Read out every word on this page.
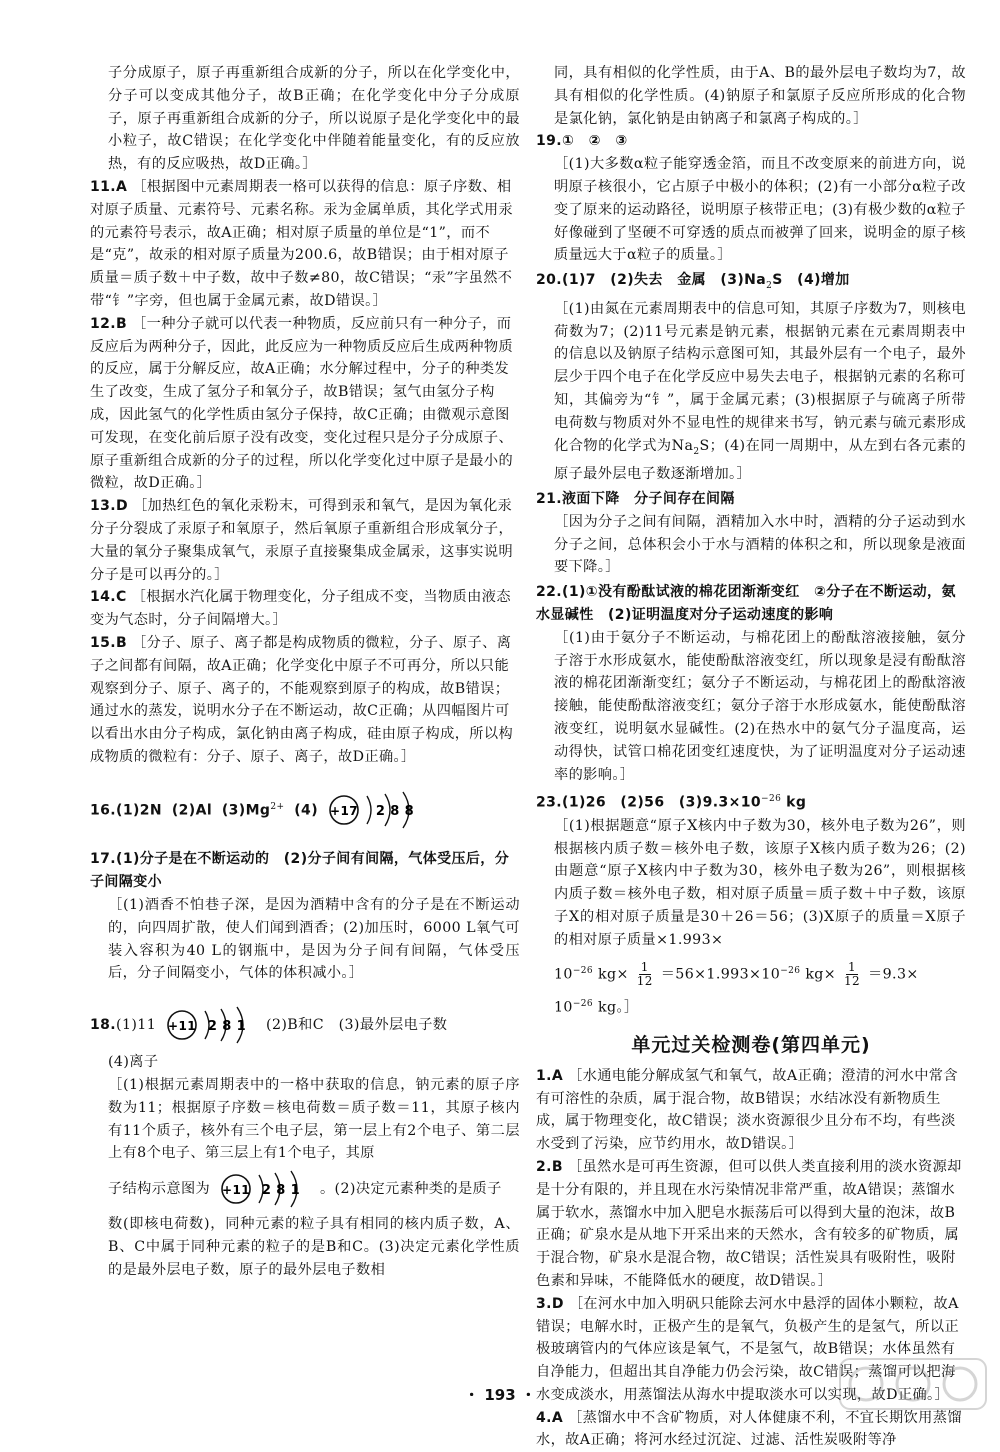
子分成原子，原子再重新组合成新的分子，所以在化学变化中，分子可以变成其他分子，故B正确；在化学变化中分子分成原子，原子再重新组合成新的分子，所以说原子是化学变化中的最小粒子，故C错误；在化学变化中伴随着能量变化，有的反应放热，有的反应吸热，故D正确。］

11.A ［根据图中元素周期表一格可以获得的信息：原子序数、相对原子质量、元素符号、元素名称。汞为金属单质，其化学式用汞的元素符号表示，故A正确；相对原子质量的单位是“1”，而不是“克”，故汞的相对原子质量为200.6，故B错误；由于相对原子质量＝质子数＋中子数，故中子数≠80，故C错误；“汞”字虽然不带“钅”字旁，但也属于金属元素，故D错误。］

12.B ［一种分子就可以代表一种物质，反应前只有一种分子，而反应后为两种分子，因此，此反应为一种物质反应后生成两种物质的反应，属于分解反应，故A正确；水分解过程中，分子的种类发生了改变，生成了氢分子和氧分子，故B错误；氢气由氢分子构成，因此氢气的化学性质由氢分子保持，故C正确；由微观示意图可发现，在变化前后原子没有改变，变化过程只是分子分成原子、原子重新组合成新的分子的过程，所以化学变化过中原子是最小的微粒，故D正确。］

13.D ［加热红色的氧化汞粉末，可得到汞和氧气，是因为氧化汞分子分裂成了汞原子和氧原子，然后氧原子重新组合形成氧分子，大量的氧分子聚集成氧气，汞原子直接聚集成金属汞，这事实说明分子是可以再分的。］

14.C ［根据水汽化属于物理变化，分子组成不变，当物质由液态变为气态时，分子间隔增大。］

15.B ［分子、原子、离子都是构成物质的微粒，分子、原子、离子之间都有间隔，故A正确；化学变化中原子不可再分，所以只能观察到分子、原子、离子的，不能观察到原子的构成，故B错误；通过水的蒸发，说明水分子在不断运动，故C正确；从四幅图片可以看出水由分子构成，氯化钠由离子构成，硅由原子构成，所以构成物质的微粒有：分子、原子、离子，故D正确。］

16.(1)2N (2)Al $(3)Mg^{2+}$ (4) +17 2 8 8

17.(1)分子是在不断运动的　(2)分子间有间隔，气体受压后，分子间隔变小

［(1)酒香不怕巷子深，是因为酒精中含有的分子是在不断运动的，向四周扩散，使人们闻到酒香；(2)加压时，6000 L氧气可装入容积为40 L的钢瓶中，是因为分子间有间隔，气体受压后，分子间隔变小，气体的体积减小。］

18.(1)11 +11 2 8 1 (2)B和C　(3)最外层电子数

(4)离子

［(1)根据元素周期表中的一格中获取的信息，钠元素的原子序数为11；根据原子序数＝核电荷数＝质子数＝11，其原子核内有11个质子，核外有三个电子层，第一层上有2个电子、第二层上有8个电子、第三层上有1个电子，其原

子结构示意图为 +11 2 8 1 。(2)决定元素种类的是质子

数(即核电荷数)，同种元素的粒子具有相同的核内质子数，A、B、C中属于同种元素的粒子的是B和C。(3)决定元素化学性质的是最外层电子数，原子的最外层电子数相

同，具有相似的化学性质，由于A、B的最外层电子数均为7，故具有相似的化学性质。(4)钠原子和氯原子反应所形成的化合物是氯化钠，氯化钠是由钠离子和氯离子构成的。］

19.①　②　③

［(1)大多数α粒子能穿透金箔，而且不改变原来的前进方向，说明原子核很小，它占原子中极小的体积；(2)有一小部分α粒子改变了原来的运动路径，说明原子核带正电；(3)有极少数的α粒子好像碰到了坚硬不可穿透的质点而被弹了回来，说明金的原子核质量远大于α粒子的质量。］

20.(1)7　(2)失去　金属　$(3)Na_2S$　(4)增加

［(1)由氮在元素周期表中的信息可知，其原子序数为7，则核电荷数为7；(2)11号元素是钠元素，根据钠元素在元素周期表中的信息以及钠原子结构示意图可知，其最外层有一个电子，最外层少于四个电子在化学反应中易失去电子，根据钠元素的名称可知，其偏旁为“钅”，属于金属元素；(3)根据原子与硫离子所带电荷数与物质对外不显电性的规律来书写，钠元素与硫元素形成化合物的化学式为$Na_2S$；(4)在同一周期中，从左到右各元素的原子最外层电子数逐渐增加。］

21.液面下降　分子间存在间隔

［因为分子之间有间隔，酒精加入水中时，酒精的分子运动到水分子之间，总体积会小于水与酒精的体积之和，所以现象是液面要下降。］

22.(1)①没有酚酞试液的棉花团渐渐变红　②分子在不断运动，氨水显碱性　(2)证明温度对分子运动速度的影响

［(1)由于氨分子不断运动，与棉花团上的酚酞溶液接触，氨分子溶于水形成氨水，能使酚酞溶液变红，所以现象是浸有酚酞溶液的棉花团渐渐变红；氨分子不断运动，与棉花团上的酚酞溶液接触，能使酚酞溶液变红；氨分子溶于水形成氨水，能使酚酞溶液变红，说明氨水显碱性。(2)在热水中的氨气分子温度高，运动得快，试管口棉花团变红速度快，为了证明温度对分子运动速率的影响。］

23.(1)26　(2)56　$(3)9.3\times 10^{-26}$ kg

［(1)根据题意“原子X核内中子数为30，核外电子数为26”，则根据核内质子数＝核外电子数，该原子X核内质子数为26；(2)由题意“原子X核内中子数为30，核外电子数为26”，则根据核内质子数＝核外电子数，相对原子质量＝质子数＋中子数，该原子X的相对原子质量是30＋26＝56；(3)X原子的质量＝X原子的相对原子质量×1.993×

$10^{-26}$ $kg\times \frac{1}{12} =56\times 1.993\times 10^{-26}$ $kg\times \frac{1}{12} =9.3\times$

$10^{-26}$ kg。］

单元过关检测卷(第四单元)

1.A ［水通电能分解成氢气和氧气，故A正确；澄清的河水中常含有可溶性的杂质，属于混合物，故B错误；水结冰没有新物质生成，属于物理变化，故C错误；淡水资源很少且分布不均，有些淡水受到了污染，应节约用水，故D错误。］

2.B ［虽然水是可再生资源，但可以供人类直接利用的淡水资源却是十分有限的，并且现在水污染情况非常严重，故A错误；蒸馏水属于软水，蒸馏水中加入肥皂水振荡后可以得到大量的泡沫，故B正确；矿泉水是从地下开采出来的天然水，含有较多的矿物质，属于混合物，矿泉水是混合物，故C错误；活性炭具有吸附性，吸附色素和异味，不能降低水的硬度，故D错误。］

3.D ［在河水中加入明矾只能除去河水中悬浮的固体小颗粒，故A错误；电解水时，正极产生的是氧气，负极产生的是氢气，所以正极玻璃管内的气体应该是氧气，不是氢气，故B错误；水体虽然有自净能力，但超出其自净能力仍会污染，故C错误；蒸馏可以把海水变成淡水，用蒸馏法从海水中提取淡水可以实现，故D正确。］

4.A ［蒸馏水中不含矿物质，对人体健康不利，不宜长期饮用蒸馏水，故A正确；将河水经过沉淀、过滤、活性炭吸附等净

・ 193 ・
